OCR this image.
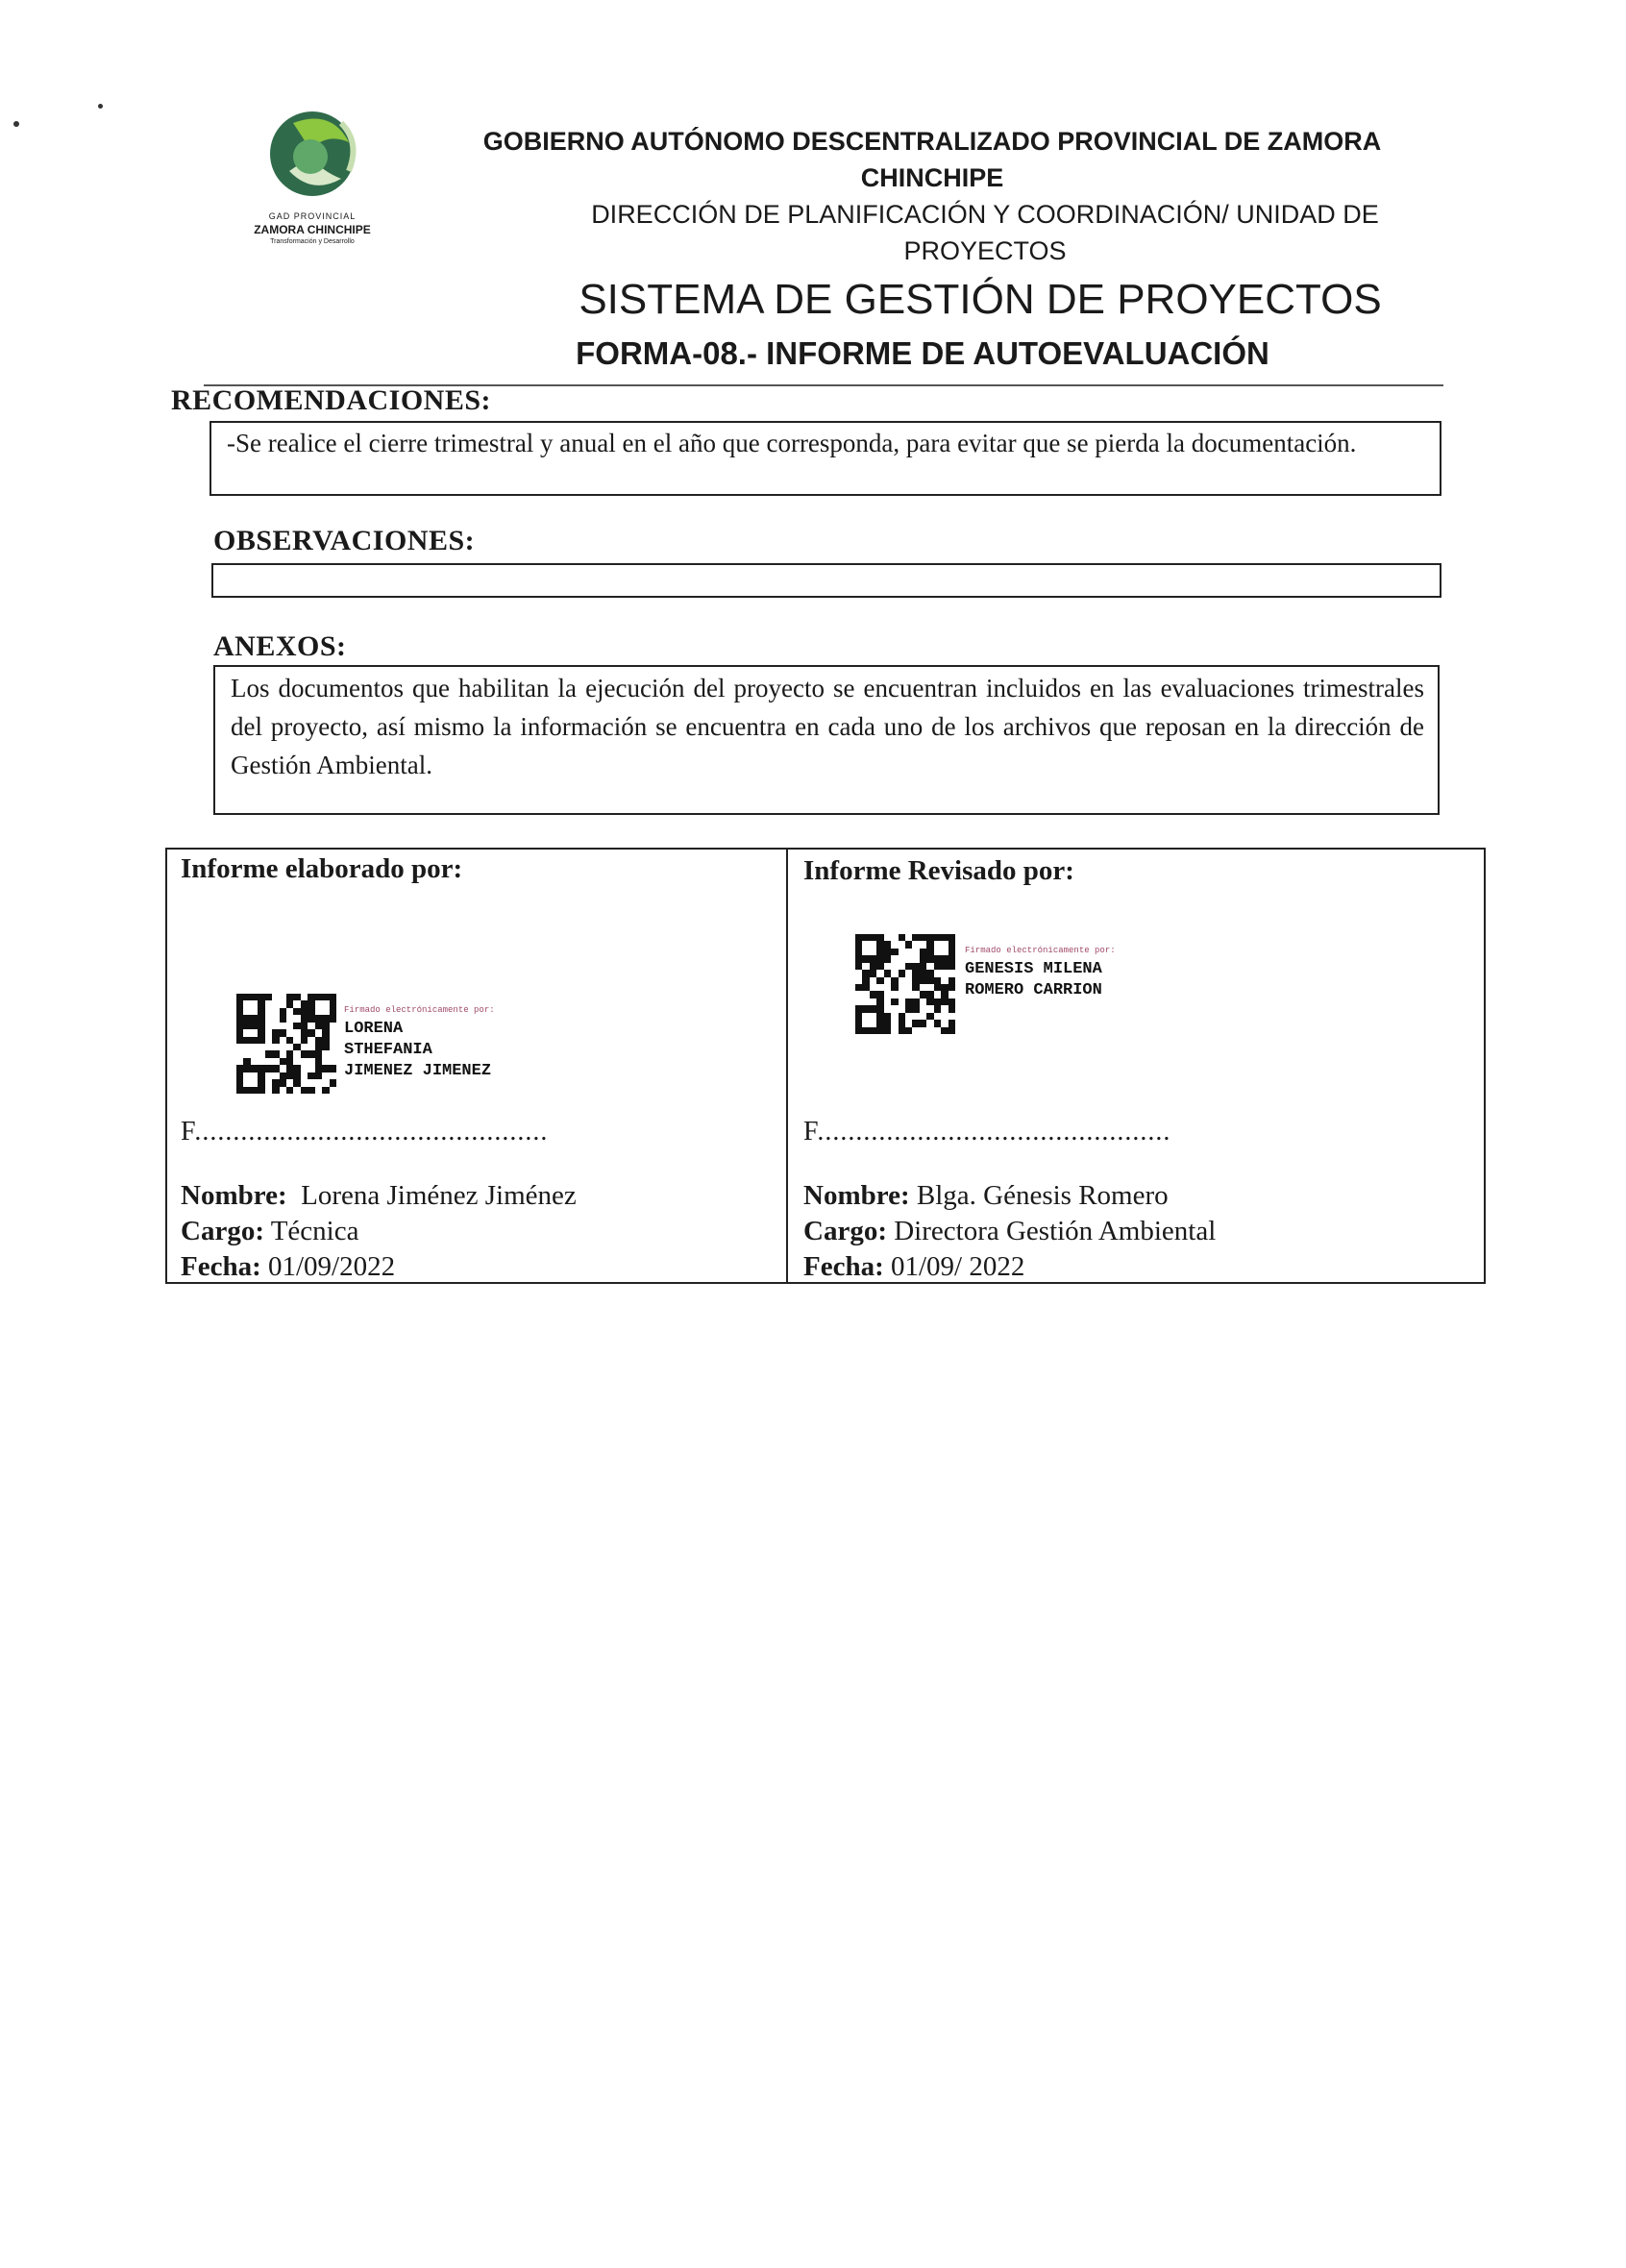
GAD PROVINCIAL
ZAMORA CHINCHIPE
Transformación y Desarrollo
GOBIERNO AUTÓNOMO DESCENTRALIZADO PROVINCIAL DE ZAMORA
CHINCHIPE
DIRECCIÓN DE PLANIFICACIÓN Y COORDINACIÓN/ UNIDAD DE
PROYECTOS
SISTEMA DE GESTIÓN DE PROYECTOS
FORMA-08.- INFORME DE AUTOEVALUACIÓN
RECOMENDACIONES:
-Se realice el cierre trimestral y anual en el año que corresponda, para evitar que se pierda la documentación.
OBSERVACIONES:
ANEXOS:
Los documentos que habilitan la ejecución del proyecto se encuentran incluidos en las evaluaciones trimestrales del proyecto, así mismo la información se encuentra en cada uno de los archivos que reposan en la dirección de Gestión Ambiental.
Informe elaborado por:
Firmado electrónicamente por:
LORENA
STHEFANIA
JIMENEZ JIMENEZ
F..............................................
Nombre: Lorena Jiménez Jiménez
Cargo: Técnica
Fecha: 01/09/2022
Informe Revisado por:
Firmado electrónicamente por:
GENESIS MILENA
ROMERO CARRION
F..............................................
Nombre: Blga. Génesis Romero
Cargo: Directora Gestión Ambiental
Fecha: 01/09/ 2022
